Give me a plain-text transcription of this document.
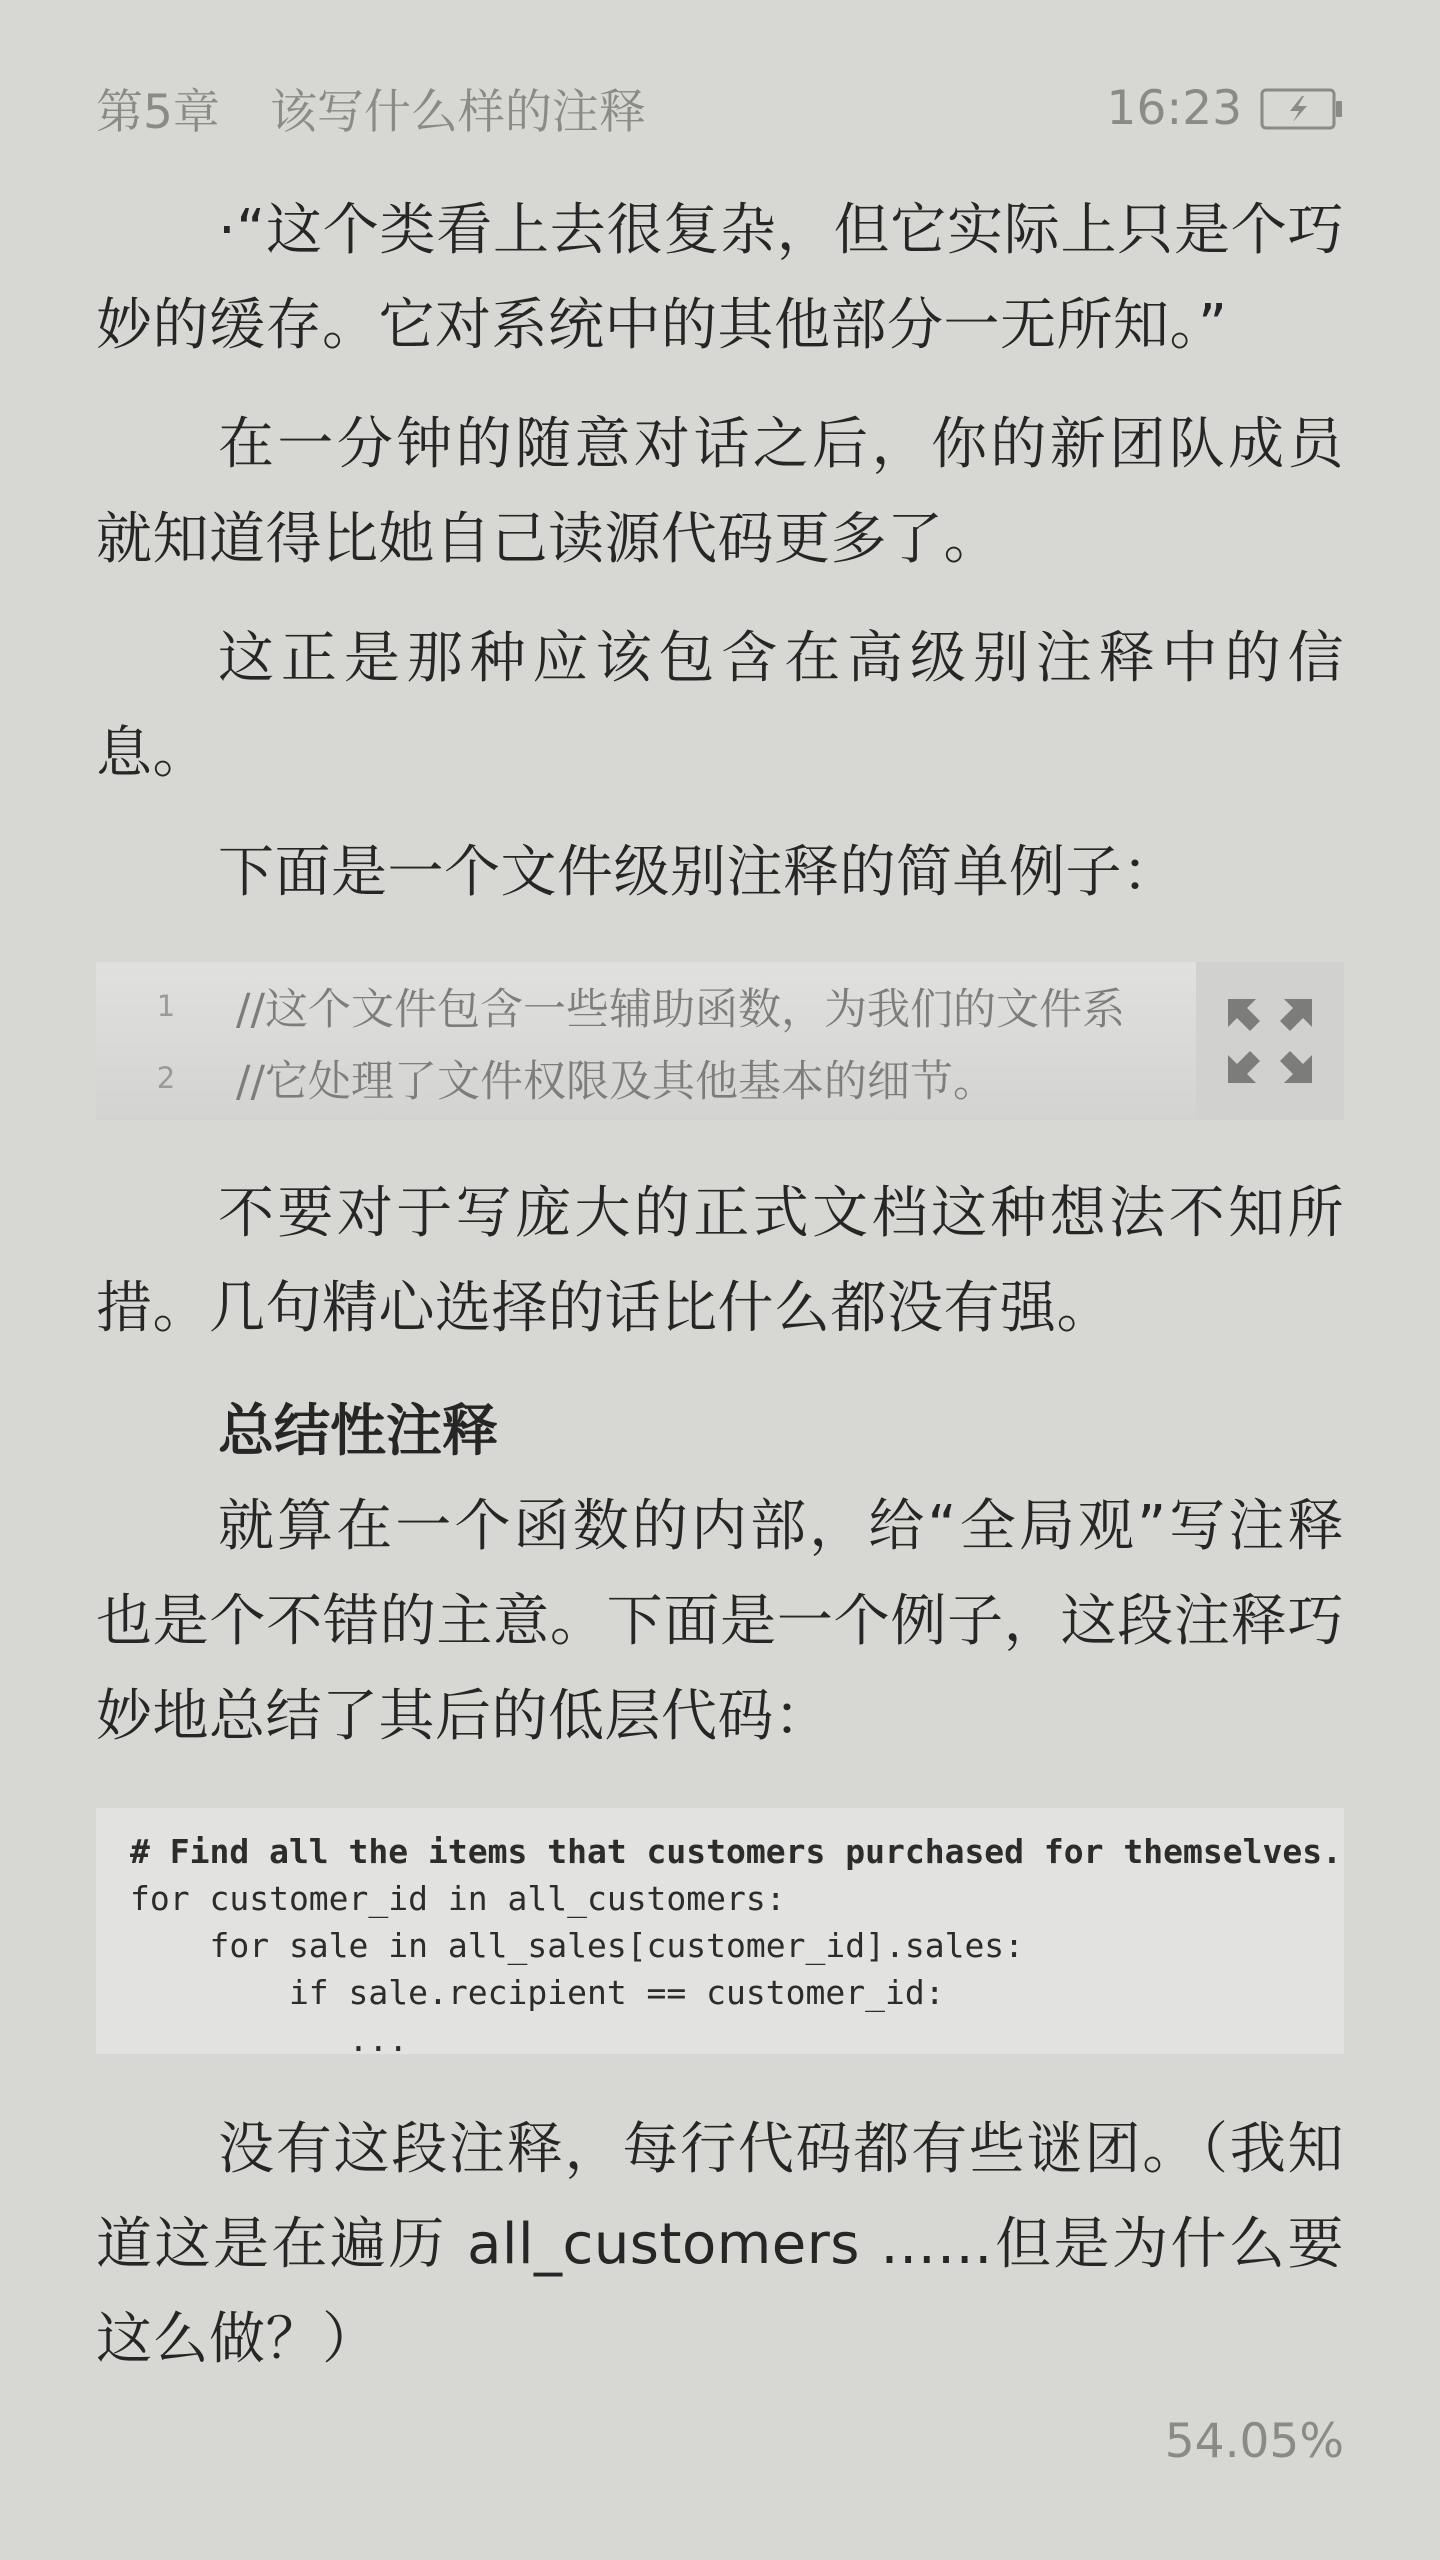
第5章 该写什么样的注释	16:23

·“这个类看上去很复杂，但它实际上只是个巧妙的缓存。它对系统中的其他部分一无所知。”

在一分钟的随意对话之后，你的新团队成员就知道得比她自己读源代码更多了。

这正是那种应该包含在高级别注释中的信息。

下面是一个文件级别注释的简单例子：

1	//这个文件包含一些辅助函数，为我们的文件系
2	//它处理了文件权限及其他基本的细节。

不要对于写庞大的正式文档这种想法不知所措。几句精心选择的话比什么都没有强。

总结性注释

就算在一个函数的内部，给“全局观”写注释也是个不错的主意。下面是一个例子，这段注释巧妙地总结了其后的低层代码：

# Find all the items that customers purchased for themselves.
for customer_id in all_customers:
for sale in all_sales[customer_id].sales:
if sale.recipient == customer_id:
...

没有这段注释，每行代码都有些谜团。（我知道这是在遍历 all_customers ……但是为什么要这么做？）

54.05%
